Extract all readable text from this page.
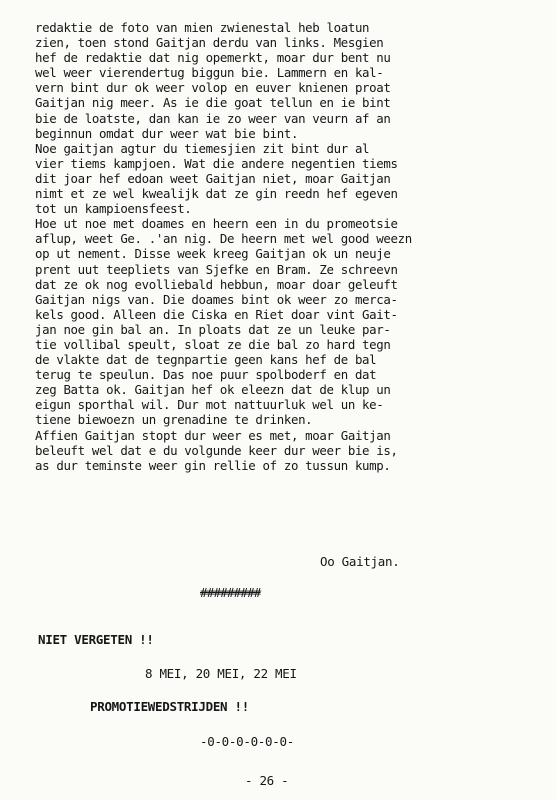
redaktie de foto van mien zwienestal heb loatun
zien, toen stond Gaitjan derdu van links. Mesgien
hef de redaktie dat nig opemerkt, moar dur bent nu
wel weer vierendertug biggun bie. Lammern en kal-
vern bint dur ok weer volop en euver knienen proat
Gaitjan nig meer. As ie die goat tellun en ie bint
bie de loatste, dan kan ie zo weer van veurn af an
beginnun omdat dur weer wat bie bint.
Noe gaitjan agtur du tiemesjien zit bint dur al
vier tiems kampjoen. Wat die andere negentien tiems
dit joar hef edoan weet Gaitjan niet, moar Gaitjan
nimt et ze wel kwealijk dat ze gin reedn hef egeven
tot un kampioensfeest.
Hoe ut noe met doames en heern een in du promeotsie
aflup, weet Ge. .'an nig. De heern met wel good weezn
op ut nement. Disse week kreeg Gaitjan ok un neuje
prent uut teepliets van Sjefke en Bram. Ze schreevn
dat ze ok nog evolliebald hebbun, moar doar geleuft
Gaitjan nigs van. Die doames bint ok weer zo merca-
kels good. Alleen die Ciska en Riet doar vint Gait-
jan noe gin bal an. In ploats dat ze un leuke par-
tie vollibal speult, sloat ze die bal zo hard tegn
de vlakte dat de tegnpartie geen kans hef de bal
terug te speulun. Das noe puur spolboderf en dat
zeg Batta ok. Gaitjan hef ok eleezn dat de klup un
eigun sporthal wil. Dur mot nattuurluk wel un ke-
tiene biewoezn un grenadine te drinken.
Affien Gaitjan stopt dur weer es met, moar Gaitjan
beleuft wel dat e du volgunde keer dur weer bie is,
as dur teminste weer gin rellie of zo tussun kump.
Oo Gaitjan.
#########
NIET VERGETEN !!
8 MEI, 20 MEI, 22 MEI
PROMOTIEWEDSTRIJDEN !!
-0-0-0-0-0-0-
- 26 -
